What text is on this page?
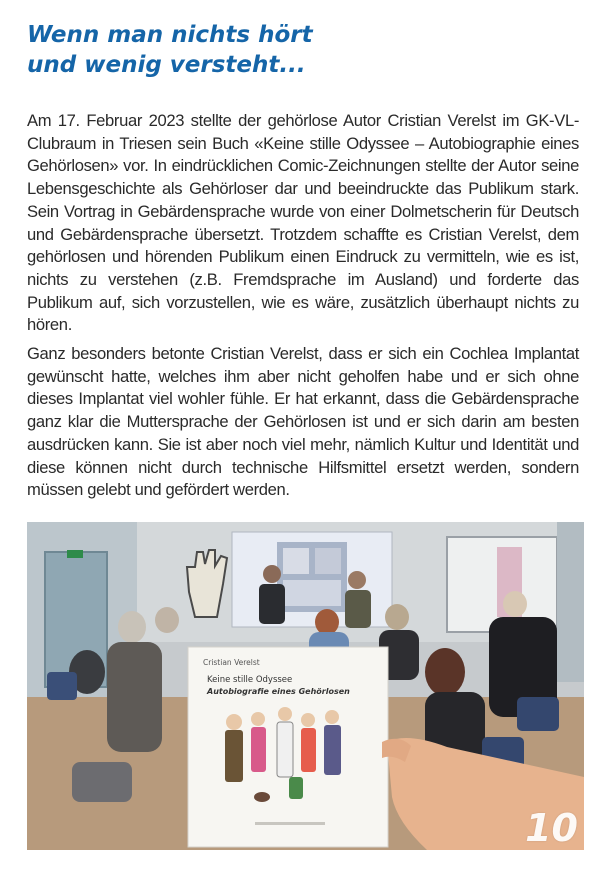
Wenn man nichts hört
und wenig versteht...

Am 17. Februar 2023 stellte der gehörlose Autor Cristian Verelst im GK-VL-Clubraum in Triesen sein Buch «Keine stille Odyssee – Autobiographie eines Gehörlosen» vor. In eindrücklichen Comic-Zeichnungen stellte der Autor seine Lebensgeschichte als Gehörloser dar und beeindruckte das Publikum stark. Sein Vortrag in Gebärdensprache wurde von einer Dolmetscherin für Deutsch und Gebärdensprache übersetzt. Trotzdem schaffte es Cristian Verelst, dem gehörlosen und hörenden Publikum einen Eindruck zu vermitteln, wie es ist, nichts zu verstehen (z.B. Fremdsprache im Ausland) und forderte das Publikum auf, sich vorzustellen, wie es wäre, zusätzlich überhaupt nichts zu hören.

Ganz besonders betonte Cristian Verelst, dass er sich ein Cochlea Implantat gewünscht hatte, welches ihm aber nicht geholfen habe und er sich ohne dieses Implantat viel wohler fühle. Er hat erkannt, dass die Gebärdensprache ganz klar die Muttersprache der Gehörlosen ist und er sich darin am besten ausdrücken kann. Sie ist aber noch viel mehr, nämlich Kultur und Identität und diese können nicht durch technische Hilfsmittel ersetzt werden, sondern müssen gelebt und gefördert werden.

Cristian Verelst
Keine stille Odyssee
Autobiografie eines Gehörlosen
10
